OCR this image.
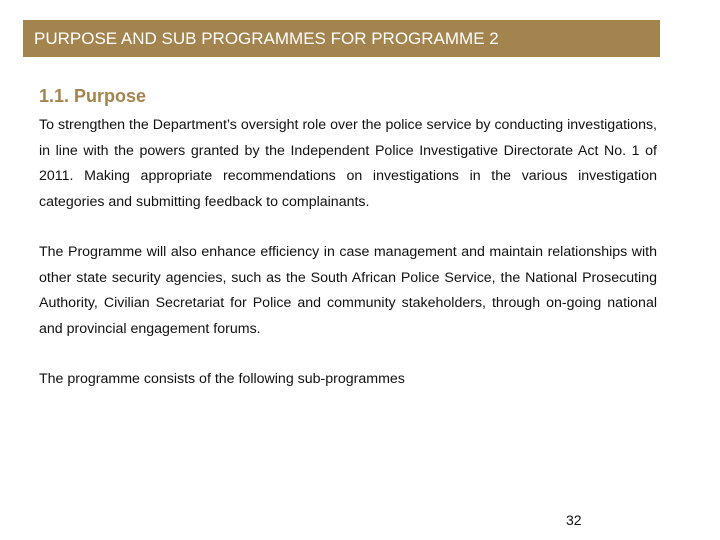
PURPOSE AND SUB PROGRAMMES FOR PROGRAMME 2
1.1. Purpose

To strengthen the Department’s oversight role over the police service by conducting investigations, in line with the powers granted by the Independent Police Investigative Directorate Act No. 1 of 2011. Making appropriate recommendations on investigations in the various investigation categories and submitting feedback to complainants.

The Programme will also enhance efficiency in case management and maintain relationships with other state security agencies, such as the South African Police Service, the National Prosecuting Authority, Civilian Secretariat for Police and community stakeholders, through on-going national and provincial engagement forums.

The programme consists of the following sub-programmes

32
